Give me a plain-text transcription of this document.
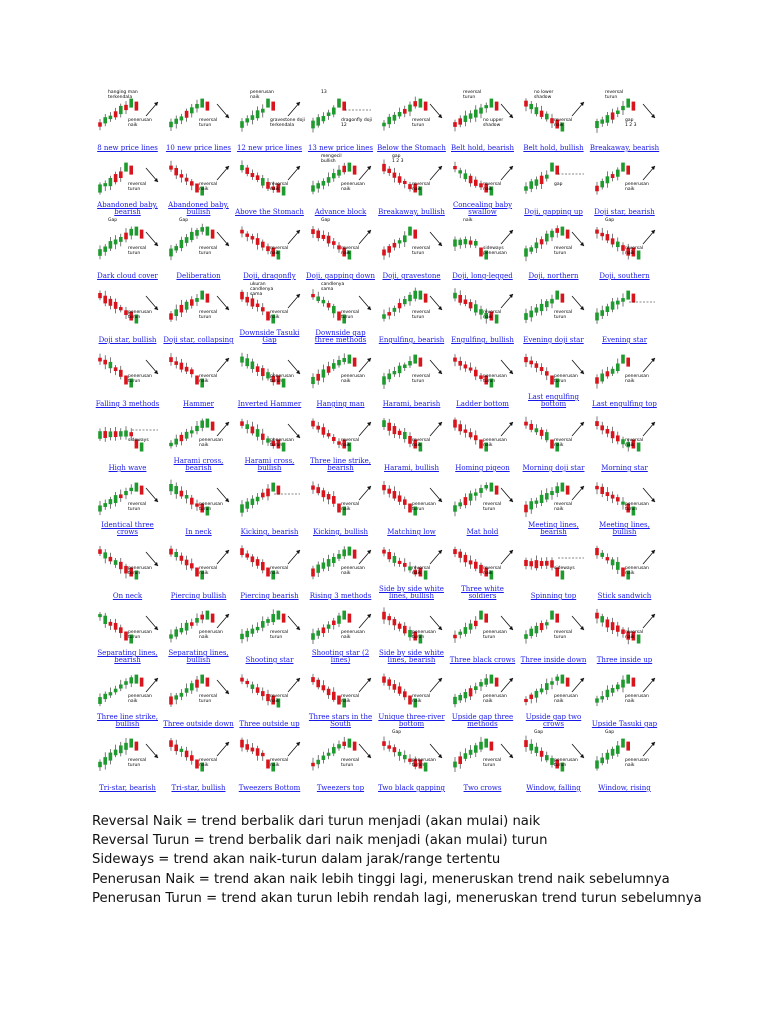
penerusan
naik
hanging man
terkendala
8 new price lines
reversal
turun
10 new price lines
gravestone doji
terkendala
penerusan
naik
12 new price lines
dragonfly doji
12
13
13 new price lines
reversal
turun
Below the Stomach
no upper
shadow
reversal
turun
Belt hold, bearish
reversal
naik
no lower
shadow
Belt hold, bullish
gap
1 2 3
reversal
turun
Breakaway, bearish
reversal
turun
Abandoned baby, bearish
reversal
naik
Abandoned baby, bullish
reversal
naik
Above the Stomach
penerusan
naik
mengecil
bullish
Advance block
reversal
naik
gap
1 2 3
Breakaway, bullish
reversal
naik
Concealing baby swallow
gap
Doji, gapping up
penerusan
naik
Doji star, bearish
reversal
turun
Gap
Dark cloud cover
reversal
turun
Gap
Deliberation
reversal
naik
Doji, dragonfly
reversal
naik
Gap
Doji, gapping down
reversal
turun
Doji, gravestone
sideways
penerusan
naik
Doji, long-legged
reversal
turun
Doji, northern
reversal
naik
Gap
Doji, southern
penerusan
turun
Doji star, bullish
reversal
turun
Doji star, collapsing
reversal
naik
ukuran
candlenya
sama
Downside Tasuki Gap
reversal
turun
candlenya
sama
Downside gap three methods
reversal
turun
Engulfing, bearish
reversal
naik
Engulfing, bullish
reversal
turun
Evening doji star	Evening star
penerusan
turun
Falling 3 methods
reversal
naik
Hammer
penerusan
turun
Inverted Hammer
penerusan
naik
Hanging man
reversal
turun
Harami, bearish
penerusan
turun
Ladder bottom
penerusan
turun
Last engulfing bottom
penerusan
naik
Last engulfing top
sideways
High wave
penerusan
naik
Harami cross, bearish
penerusan
turun
Harami cross, bullish
reversal
naik
Three line strike, bearish
reversal
naik
Harami, bullish
penerusan
naik
Homing pigeon
reversal
naik
Morning doji star
reversal
naik
Morning star
reversal
turun
Identical three crows
penerusan
turun
In neck	Kicking, bearish
reversal
naik
Kicking, bullish
penerusan
turun
Matching low
reversal
turun
Mat hold
reversal
naik
Meeting lines, bearish
penerusan
turun
Meeting lines, bullish
penerusan
turun
On neck
reversal
naik
Piercing bullish
reversal
naik
Piercing bearish
penerusan
naik
Rising 3 methods
reversal
naik
Side by side white lines, bullish
reversal
naik
Three white soldiers
sideways
Spinning top
penerusan
naik
Stick sandwich
penerusan
turun
Separating lines, bearish
penerusan
naik
Separating lines, bullish
reversal
turun
Shooting star
penerusan
naik
Shooting star (2 lines)
penerusan
turun
Side by side white lines, bearish
penerusan
turun
Three black crows
reversal
turun
Three inside down
reversal
naik
Three inside up
penerusan
naik
Three line strike, bullish
reversal
turun
Three outside down
reversal
naik
Three outside up
reversal
naik
Three stars in the South
reversal
naik
Unique three-river bottom
penerusan
naik
Upside gap three methods
penerusan
naik
Upside gap two crows
penerusan
naik
Upside Tasuki gap
reversal
turun
Tri-star, bearish
reversal
naik
Tri-star, bullish
reversal
naik
Tweezers Bottom
reversal
turun
Tweezers top
penerusan
turun
Gap
Two black gapping
reversal
turun
Two crows
penerusan
turun
Gap
Window, falling
penerusan
naik
Gap
Window, rising
Reversal Naik = trend berbalik dari turun menjadi (akan mulai) naik
Reversal Turun = trend berbalik dari naik menjadi (akan mulai) turun
Sideways = trend akan naik-turun dalam jarak/range tertentu
Penerusan Naik = trend akan naik lebih tinggi lagi, meneruskan trend naik sebelumnya
Penerusan Turun = trend akan turun lebih rendah lagi, meneruskan trend turun sebelumnya
